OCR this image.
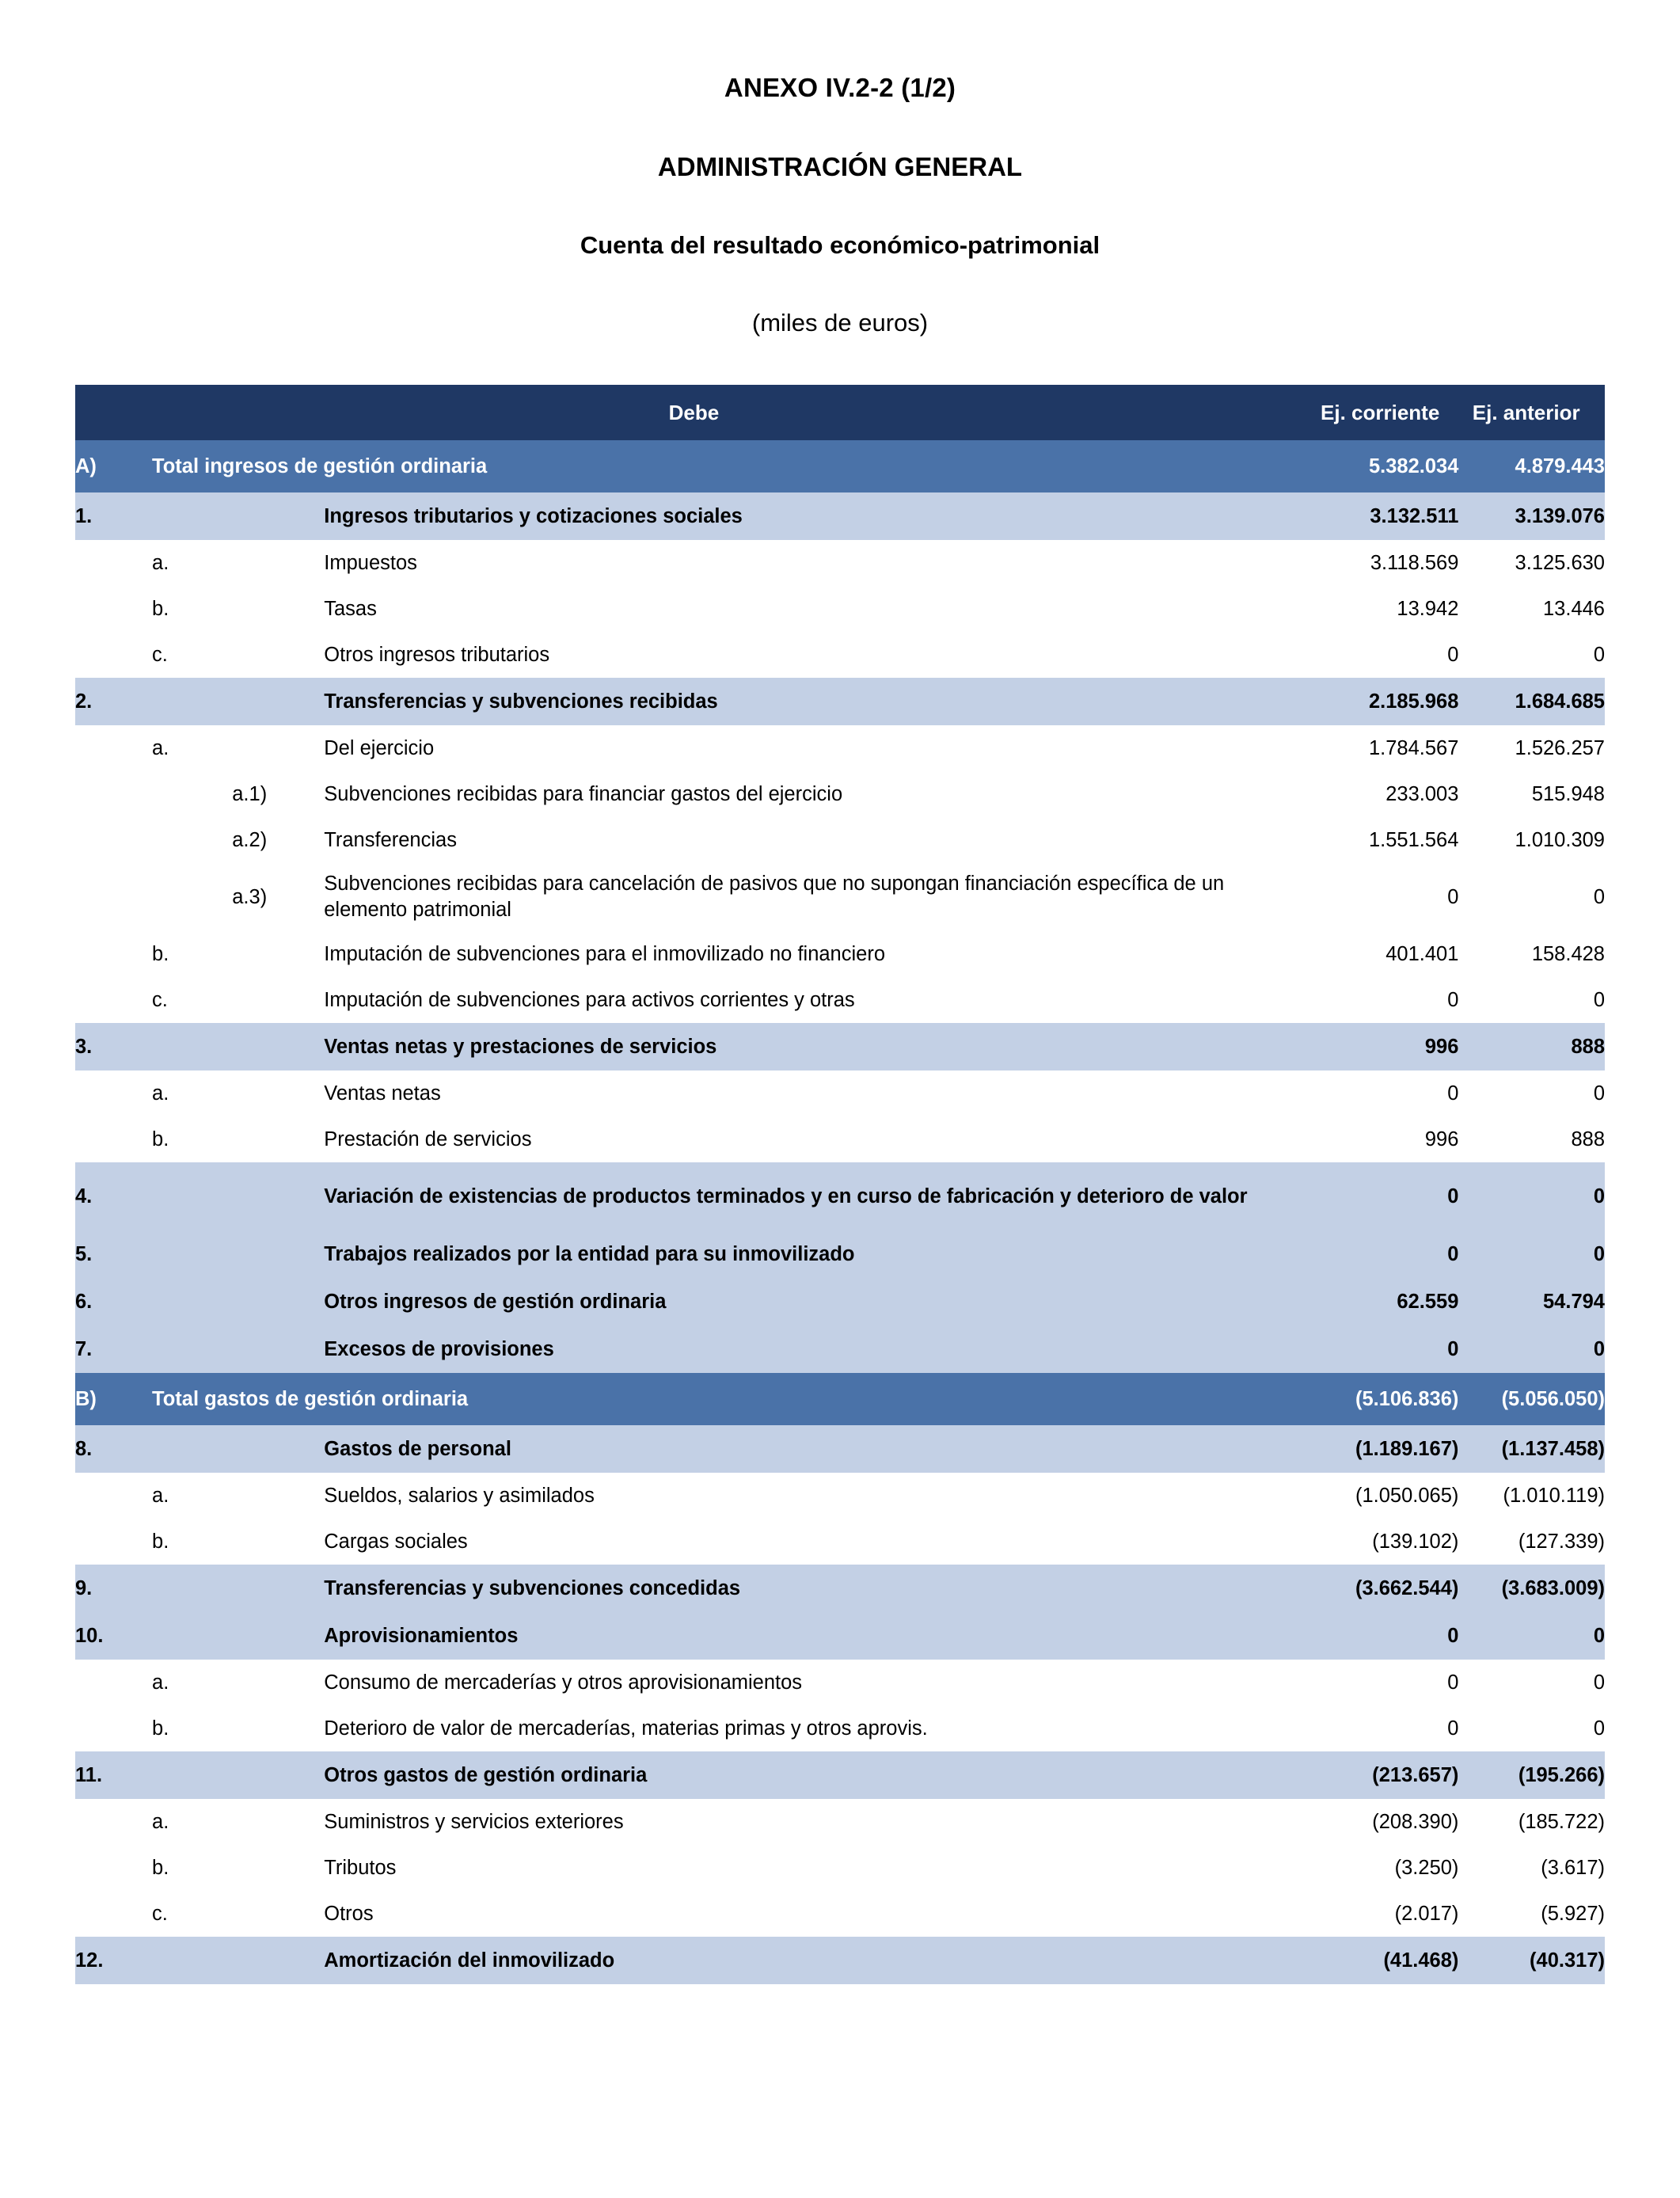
ANEXO IV.2-2 (1/2)
ADMINISTRACIÓN GENERAL
Cuenta del resultado económico-patrimonial
(miles de euros)
Debe				Ej. corriente	Ej. anterior
A)	Total ingresos de gestión ordinaria			5.382.034	4.879.443
1.			Ingresos tributarios y cotizaciones sociales	3.132.511	3.139.076
	a.		Impuestos	3.118.569	3.125.630
	b.		Tasas	13.942	13.446
	c.		Otros ingresos tributarios	0	0
2.			Transferencias y subvenciones recibidas	2.185.968	1.684.685
	a.		Del ejercicio	1.784.567	1.526.257
		a.1)	Subvenciones recibidas para financiar gastos del ejercicio	233.003	515.948
		a.2)	Transferencias	1.551.564	1.010.309
		a.3)	Subvenciones recibidas para cancelación de pasivos que no supongan financiación específica de un elemento patrimonial	0	0
	b.		Imputación de subvenciones para el inmovilizado no financiero	401.401	158.428
	c.		Imputación de subvenciones para activos corrientes y otras	0	0
3.			Ventas netas y prestaciones de servicios	996	888
	a.		Ventas netas	0	0
	b.		Prestación de servicios	996	888
4.			Variación de existencias de productos terminados y en curso de fabricación y deterioro de valor	0	0
5.			Trabajos realizados por la entidad para su inmovilizado	0	0
6.			Otros ingresos de gestión ordinaria	62.559	54.794
7.			Excesos de provisiones	0	0
B)	Total gastos de gestión ordinaria			(5.106.836)	(5.056.050)
8.			Gastos de personal	(1.189.167)	(1.137.458)
	a.		Sueldos, salarios y asimilados	(1.050.065)	(1.010.119)
	b.		Cargas sociales	(139.102)	(127.339)
9.			Transferencias y subvenciones concedidas	(3.662.544)	(3.683.009)
10.			Aprovisionamientos	0	0
	a.		Consumo de mercaderías y otros aprovisionamientos	0	0
	b.		Deterioro de valor de mercaderías, materias primas y otros aprovis.	0	0
11.			Otros gastos de gestión ordinaria	(213.657)	(195.266)
	a.		Suministros y servicios exteriores	(208.390)	(185.722)
	b.		Tributos	(3.250)	(3.617)
	c.		Otros	(2.017)	(5.927)
12.			Amortización del inmovilizado	(41.468)	(40.317)
